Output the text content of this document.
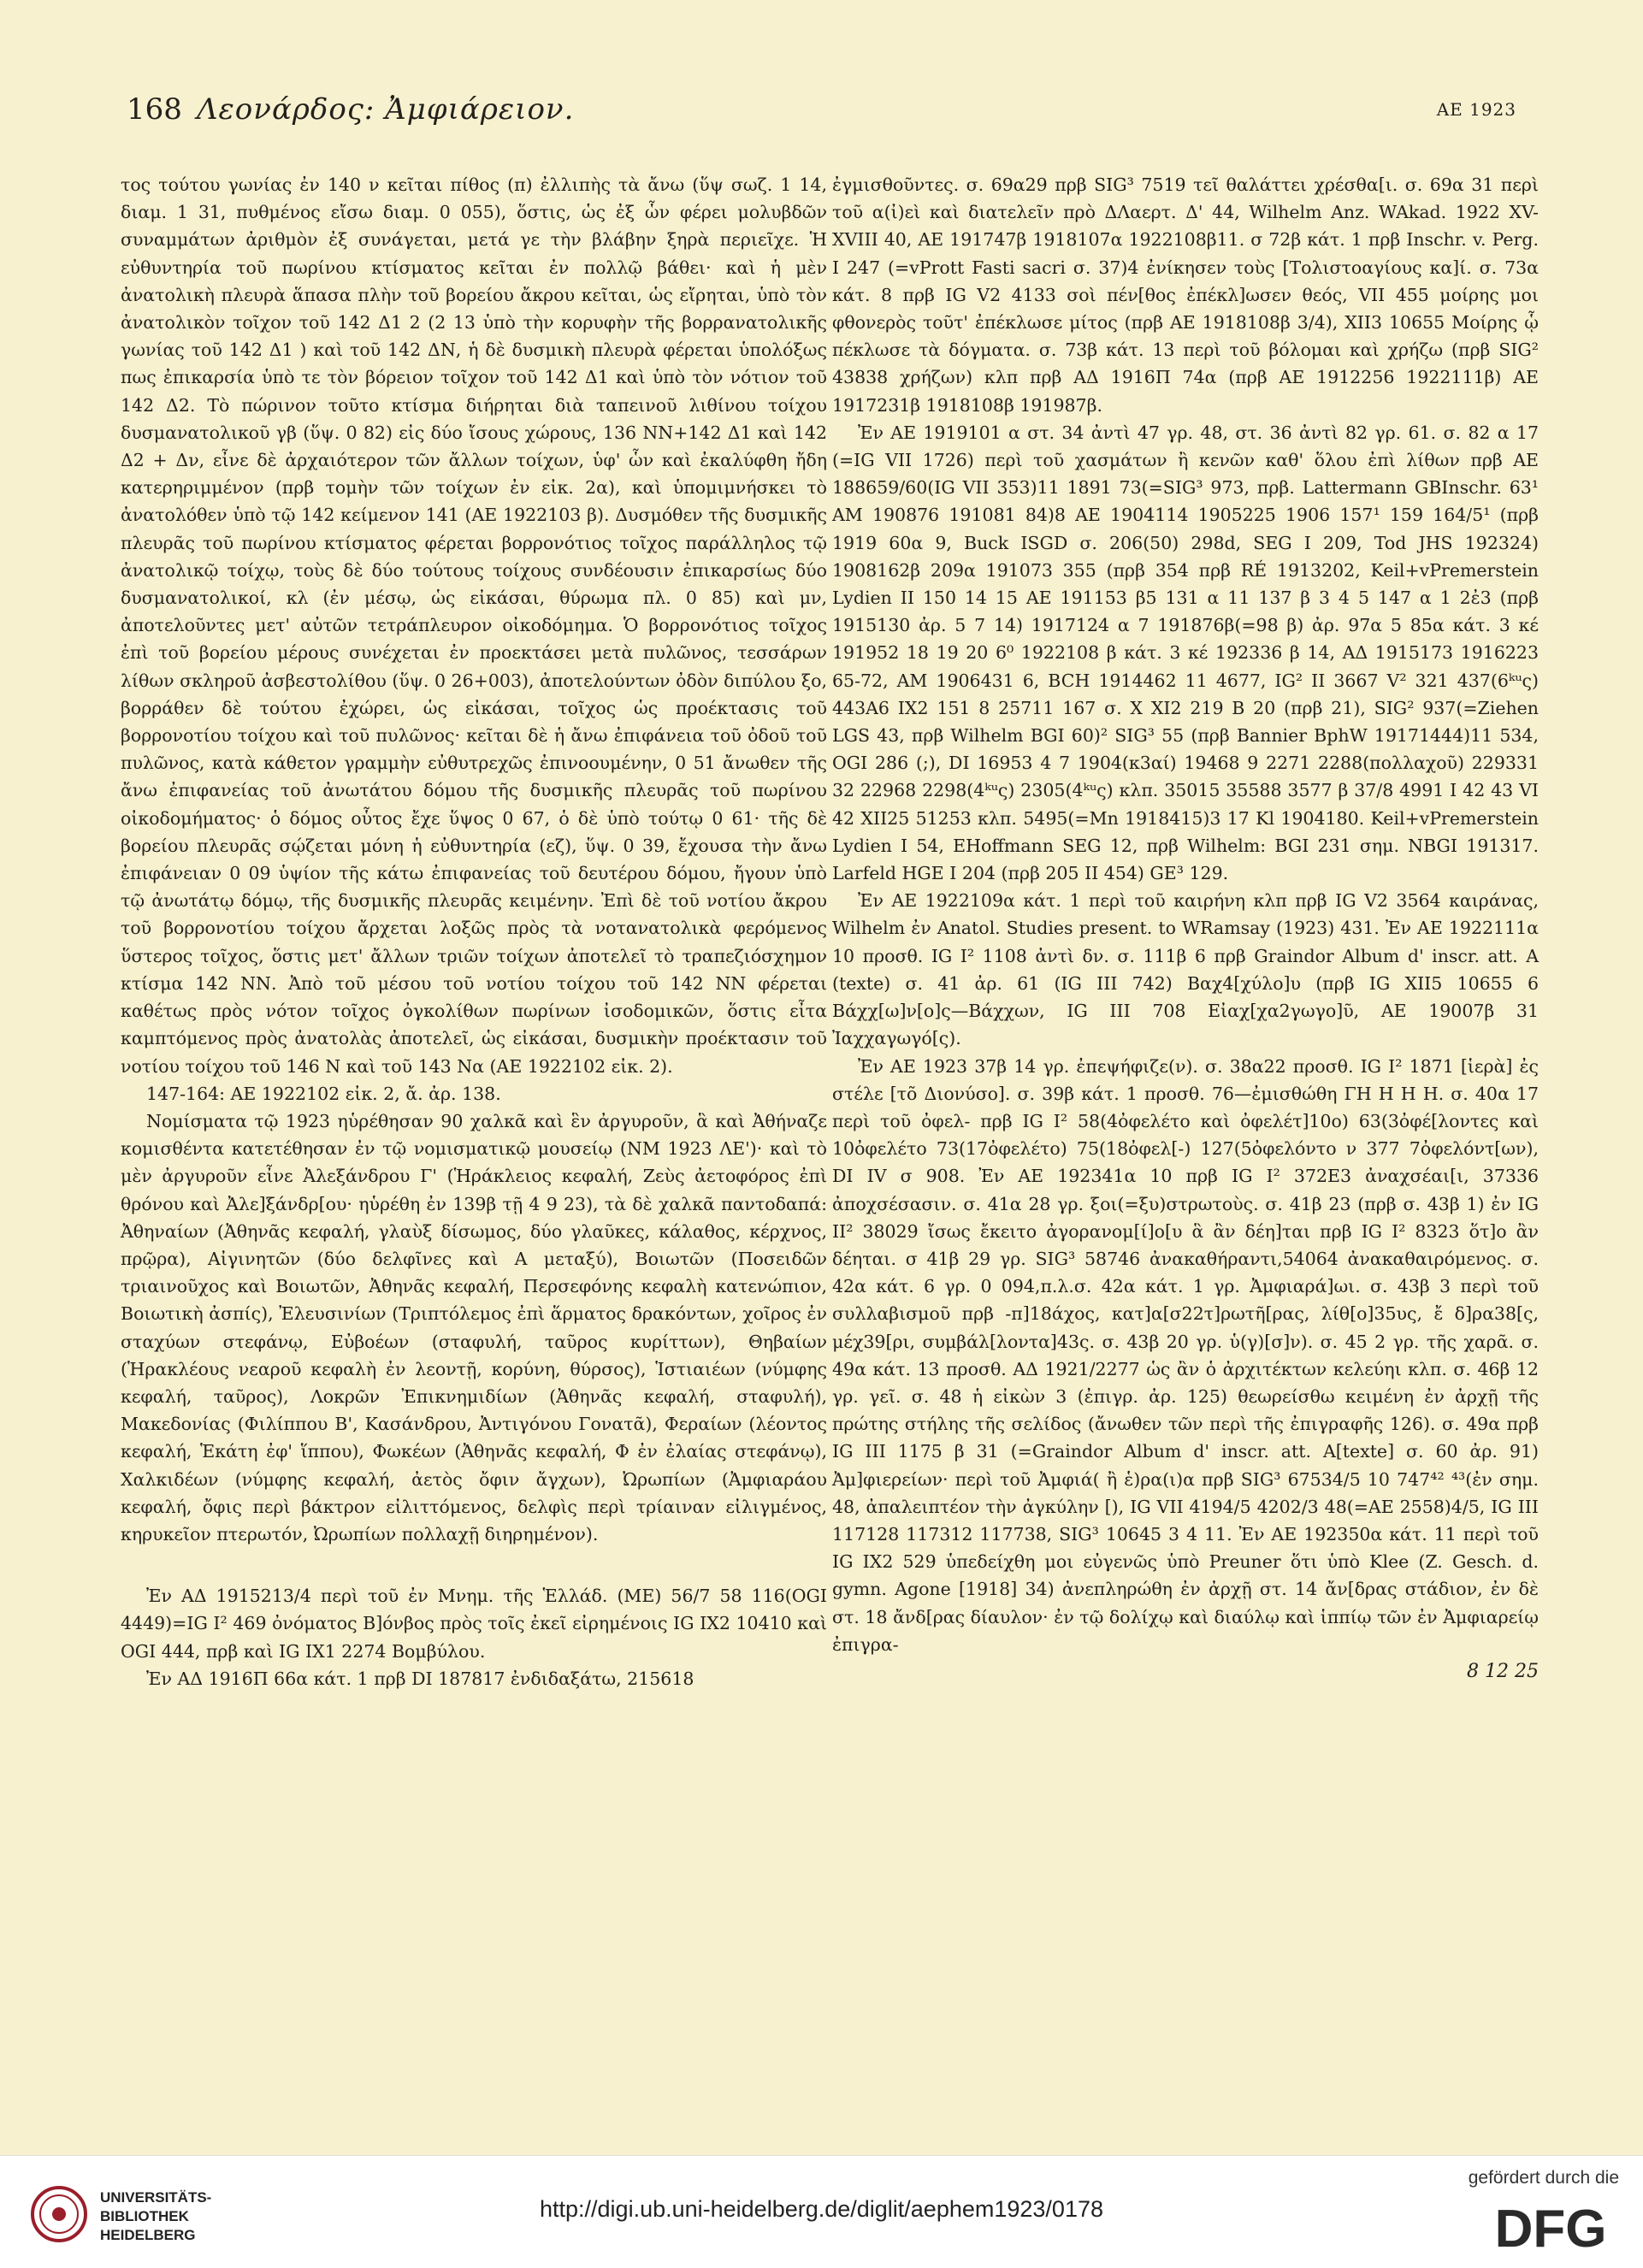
168 Λεονάρδος: Ἀμφιάρειον.	ΑΕ 1923

τος τούτου γωνίας ἐν 140 ν κεῖται πίθος (π) ἐλλιπὴς τὰ ἄνω (ὕψ σωζ. 1 14, διαμ. 1 31, πυθμένος εἴσω διαμ. 0 055), ὅστις, ὡς ἐξ ὧν φέρει μολυβδῶν συναμμάτων ἀριθμὸν ἐξ συνάγεται, μετά γε τὴν βλάβην ξηρὰ περιεῖχε. Ἡ εὐθυντηρία τοῦ πωρίνου κτίσματος κεῖται ἐν πολλῷ βάθει· καὶ ἡ μὲν ἀνατολικὴ πλευρὰ ἅπασα πλὴν τοῦ βορείου ἄκρου κεῖται, ὡς εἴρηται, ὑπὸ τὸν ἀνατολικὸν τοῖχον τοῦ 142 Δ1 2 (2 13 ὑπὸ τὴν κορυφὴν τῆς βορρανατολικῆς γωνίας τοῦ 142 Δ1 ) καὶ τοῦ 142 ΔΝ, ἡ δὲ δυσμικὴ πλευρὰ φέρεται ὑπολόξως πως ἐπικαρσία ὑπὸ τε τὸν βόρειον τοῖχον τοῦ 142 Δ1 καὶ ὑπὸ τὸν νότιον τοῦ 142 Δ2. Τὸ πώρινον τοῦτο κτίσμα διήρηται διὰ ταπεινοῦ λιθίνου τοίχου δυσμανατολικοῦ γβ (ὕψ. 0 82) εἰς δύο ἴσους χώρους, 136 ΝΝ+142 Δ1 καὶ 142 Δ2 + Δν, εἶνε δὲ ἀρχαιότερον τῶν ἄλλων τοίχων, ὑφ' ὧν καὶ ἐκαλύφθη ἤδη κατερηριμμένον (πρβ τομὴν τῶν τοίχων ἐν εἰκ. 2α), καὶ ὑπομιμνήσκει τὸ ἀνατολόθεν ὑπὸ τῷ 142 κείμενον 141 (ΑΕ 1922103 β). Δυσμόθεν τῆς δυσμικῆς πλευρᾶς τοῦ πωρίνου κτίσματος φέρεται βορρονότιος τοῖχος παράλληλος τῷ ἀνατολικῷ τοίχῳ, τοὺς δὲ δύο τούτους τοίχους συνδέουσιν ἐπικαρσίως δύο δυσμανατολικοί, κλ (ἐν μέσῳ, ὡς εἰκάσαι, θύρωμα πλ. 0 85) καὶ μν, ἀποτελοῦντες μετ' αὐτῶν τετράπλευρον οἰκοδόμημα. Ὁ βορρονότιος τοῖχος ἐπὶ τοῦ βορείου μέρους συνέχεται ἐν προεκτάσει μετὰ πυλῶνος, τεσσάρων λίθων σκληροῦ ἀσβεστολίθου (ὕψ. 0 26+003), ἀποτελούντων ὀδὸν διπύλου ξο, βορράθεν δὲ τούτου ἐχώρει, ὡς εἰκάσαι, τοῖχος ὡς προέκτασις τοῦ βορρονοτίου τοίχου καὶ τοῦ πυλῶνος· κεῖται δὲ ἡ ἄνω ἐπιφάνεια τοῦ ὀδοῦ τοῦ πυλῶνος, κατὰ κάθετον γραμμὴν εὐθυτρεχῶς ἐπινοουμένην, 0 51 ἄνωθεν τῆς ἄνω ἐπιφανείας τοῦ ἀνωτάτου δόμου τῆς δυσμικῆς πλευρᾶς τοῦ πωρίνου οἰκοδομήματος· ὁ δόμος οὗτος ἔχε ὕψος 0 67, ὁ δὲ ὑπὸ τούτῳ 0 61· τῆς δὲ βορείου πλευρᾶς σῴζεται μόνη ἡ εὐθυντηρία (εζ), ὕψ. 0 39, ἔχουσα τὴν ἄνω ἐπιφάνειαν 0 09 ὑψίον τῆς κάτω ἐπιφανείας τοῦ δευτέρου δόμου, ἤγουν ὑπὸ τῷ ἀνωτάτῳ δόμῳ, τῆς δυσμικῆς πλευρᾶς κειμένην. Ἐπὶ δὲ τοῦ νοτίου ἄκρου τοῦ βορρονοτίου τοίχου ἄρχεται λοξῶς πρὸς τὰ νοτανατολικὰ φερόμενος ὕστερος τοῖχος, ὅστις μετ' ἄλλων τριῶν τοίχων ἀποτελεῖ τὸ τραπεζιόσχημον κτίσμα 142 ΝΝ. Ἀπὸ τοῦ μέσου τοῦ νοτίου τοίχου τοῦ 142 ΝΝ φέρεται καθέτως πρὸς νότον τοῖχος ὀγκολίθων πωρίνων ἰσοδομικῶν, ὅστις εἶτα καμπτόμενος πρὸς ἀνατολὰς ἀποτελεῖ, ὡς εἰκάσαι, δυσμικὴν προέκτασιν τοῦ νοτίου τοίχου τοῦ 146 Ν καὶ τοῦ 143 Να (ΑΕ 1922102 εἰκ. 2).

147-164: ΑΕ 1922102 εἰκ. 2, ἄ. ἀρ. 138.

Νομίσματα τῷ 1923 ηὑρέθησαν 90 χαλκᾶ καὶ ἓν ἀργυροῦν, ἃ καὶ Ἀθήναζε κομισθέντα κατετέθησαν ἐν τῷ νομισματικῷ μουσείῳ (ΝΜ 1923 ΛΕ')· καὶ τὸ μὲν ἀργυροῦν εἶνε Ἀλεξάνδρου Γ' (Ἡράκλειος κεφαλή, Ζεὺς ἀετοφόρος ἐπὶ θρόνου καὶ Ἀλε]ξάνδρ[ου· ηὑρέθη ἐν 139β τῇ 4 9 23), τὰ δὲ χαλκᾶ παντοδαπά: Ἀθηναίων (Ἀθηνᾶς κεφαλή, γλαὺξ δίσωμος, δύο γλαῦκες, κάλαθος, κέρχνος, πρῷρα), Αἰγινητῶν (δύο δελφῖνες καὶ Α μεταξύ), Βοιωτῶν (Ποσειδῶν τριαινοῦχος καὶ Βοιωτῶν, Ἀθηνᾶς κεφαλή, Περσεφόνης κεφαλὴ κατενώπιον, Βοιωτικὴ ἀσπίς), Ἐλευσινίων (Τριπτόλεμος ἐπὶ ἅρματος δρακόντων, χοῖρος ἐν σταχύων στεφάνῳ, Εὐβοέων (σταφυλή, ταῦρος κυρίττων), Θηβαίων (Ἡρακλέους νεαροῦ κεφαλὴ ἐν λεοντῇ, κορύνη, θύρσος), Ἱστιαιέων (νύμφης κεφαλή, ταῦρος), Λοκρῶν Ἐπικνημιδίων (Ἀθηνᾶς κεφαλή, σταφυλή), Μακεδονίας (Φιλίππου Β', Κασάνδρου, Ἀντιγόνου Γονατᾶ), Φεραίων (λέοντος κεφαλή, Ἑκάτη ἐφ' ἵππου), Φωκέων (Ἀθηνᾶς κεφαλή, Φ ἐν ἐλαίας στεφάνῳ), Χαλκιδέων (νύμφης κεφαλή, ἀετὸς ὄφιν ἄγχων), Ὠρωπίων (Ἀμφιαράου κεφαλή, ὄφις περὶ βάκτρον εἰλιττόμενος, δελφὶς περὶ τρίαιναν εἰλιγμένος, κηρυκεῖον πτερωτόν, Ὠρωπίων πολλαχῇ διηρημένον).

Ἐν ΑΔ 1915213/4 περὶ τοῦ ἐν Μνημ. τῆς Ἑλλάδ. (ΜΕ) 56/7 58 116(OGI 4449)=IG I² 469 ὀνόματος Β]όνβος πρὸς τοῖς ἐκεῖ εἰρημένοις IG IX2 10410 καὶ OGI 444, πρβ καὶ IG IX1 2274 Βομβύλου.

Ἐν ΑΔ 1916Π 66α κάτ. 1 πρβ DI 187817 ἐνδιδαξάτω, 215618

ἐγμισθοῦντες. σ. 69α29 πρβ SIG³ 7519 τεῖ θαλάττει χρέσθα[ι. σ. 69α 31 περὶ τοῦ α(ἰ)εὶ καὶ διατελεῖν πρὸ ΔΛαερτ. Δ' 44, Wilhelm Anz. WAkad. 1922 XV-XVIII 40, ΑΕ 191747β 1918107α 1922108β11. σ 72β κάτ. 1 πρβ Inschr. v. Perg. I 247 (=vPrott Fasti sacri σ. 37)4 ἐνίκησεν τοὺς [Τολιστοαγίους κα]ί. σ. 73α κάτ. 8 πρβ IG V2 4133 σοὶ πέν[θος ἐπέκλ]ωσεν θεός, VII 455 μοίρης μοι φθονερὸς τοῦτ' ἐπέκλωσε μίτος (πρβ ΑΕ 1918108β 3/4), XII3 10655 Μοίρης ᾧ πέκλωσε τὰ δόγματα. σ. 73β κάτ. 13 περὶ τοῦ βόλομαι καὶ χρήζω (πρβ SIG² 43838 χρήζων) κλπ πρβ ΑΔ 1916Π 74α (πρβ ΑΕ 1912256 1922111β) ΑΕ 1917231β 1918108β 191987β.

Ἐν ΑΕ 1919101 α στ. 34 ἀντὶ 47 γρ. 48, στ. 36 ἀντὶ 82 γρ. 61. σ. 82 α 17 (=IG VII 1726) περὶ τοῦ χασμάτων ἢ κενῶν καθ' ὅλου ἐπὶ λίθων πρβ ΑΕ 188659/60(IG VII 353)11 1891 73(=SIG³ 973, πρβ. Lattermann GBInschr. 63¹ ΑΜ 190876 191081 84)8 ΑΕ 1904114 1905225 1906 157¹ 159 164/5¹ (πρβ 1919 60α 9, Buck ISGD σ. 206(50) 298d, SEG I 209, Tod JHS 192324) 1908162β 209α 191073 355 (πρβ 354 πρβ RÉ 1913202, Keil+vPremerstein Lydien II 150 14 15 ΑΕ 191153 β5 131 α 11 137 β 3 4 5 147 α 1 2ἐ3 (πρβ 1915130 ἀρ. 5 7 14) 1917124 α 7 191876β(=98 β) ἀρ. 97α 5 85α κάτ. 3 κέ 191952 18 19 20 6⁰ 1922108 β κάτ. 3 κέ 192336 β 14, ΑΔ 1915173 1916223 65-72, ΑΜ 1906431 6, BCH 1914462 11 4677, IG² II 3667 V² 321 437(6ᵏᵘς) 443Α6 IX2 151 8 25711 167 σ. Χ XI2 219 Β 20 (πρβ 21), SIG² 937(=Ziehen LGS 43, πρβ Wilhelm BGI 60)² SIG³ 55 (πρβ Bannier BphW 19171444)11 534, OGI 286 (;), DI 16953 4 7 1904(κ3αί) 19468 9 2271 2288(πολλαχοῦ) 229331 32 22968 2298(4ᵏᵘς) 2305(4ᵏᵘς) κλπ. 35015 35588 3577 β 37/8 4991 Ι 42 43 VI 42 XII25 51253 κλπ. 5495(=Mn 1918415)3 17 Kl 1904180. Keil+vPremerstein Lydien I 54, EHoffmann SEG 12, πρβ Wilhelm: BGI 231 σημ. NBGI 191317. Larfeld HGE I 204 (πρβ 205 II 454) GE³ 129.

Ἐν ΑΕ 1922109α κάτ. 1 περὶ τοῦ καιρήνη κλπ πρβ IG V2 3564 καιράνας, Wilhelm ἐν Anatol. Studies present. to WRamsay (1923) 431. Ἐν ΑΕ 1922111α 10 προσθ. IG I² 1108 ἀντὶ δν. σ. 111β 6 πρβ Graindor Album d' inscr. att. A (texte) σ. 41 ἀρ. 61 (IG III 742) Βαχ4[χύλο]υ (πρβ IG XII5 10655 6 Βάχχ[ω]ν[ο]ς—Βάχχων, IG III 708 Εἰαχ[χα2γωγο]ῦ, ΑΕ 19007β 31 Ἰαχχαγωγό[ς).

Ἐν ΑΕ 1923 37β 14 γρ. ἐπεψήφιζε(ν). σ. 38α22 προσθ. IG I² 1871 [ἱερὰ] ἐς στέλε [τõ Διονύσο]. σ. 39β κάτ. 1 προσθ. 76—ἐμισθώθη ΓΗ Η Η Η. σ. 40α 17 περὶ τοῦ ὀφελ- πρβ IG I² 58(4ὀφελέτο καὶ ὀφελέτ]10ο) 63(3ὀφέ[λοντες καὶ 10ὀφελέτο 73(17ὀφελέτο) 75(18ὀφελ[-) 127(5ὀφελόντο ν 377 7ὀφελόντ[ων), DI IV σ 908. Ἐν ΑΕ 192341α 10 πρβ IG I² 372Ε3 ἀναχσέαι[ι, 37336 ἀποχσέσασιν. σ. 41α 28 γρ. ξοι(=ξυ)στρωτοὺς. σ. 41β 23 (πρβ σ. 43β 1) ἐν IG II² 38029 ἴσως ἔκειτο ἀγορανομ[ί]ο[υ ἃ ἂν δέη]ται πρβ IG I² 8323 ὅτ]ο ἂν δέηται. σ 41β 29 γρ. SIG³ 58746 ἀνακαθήραντι,54064 ἀνακαθαιρόμενος. σ. 42α κάτ. 6 γρ. 0 094,π.λ.σ. 42α κάτ. 1 γρ. Ἀμφιαρά]ωι. σ. 43β 3 περὶ τοῦ συλλαβισμοῦ πρβ -π]18άχος, κατ]α[σ22τ]ρωτῆ[ρας, λίθ[ο]35υς, ἔ δ]ρα38[ς, μέχ39[ρι, συμβάλ[λοντα]43ς. σ. 43β 20 γρ. ὑ(γ)[σ]ν). σ. 45 2 γρ. τῆς χαρᾶ. σ. 49α κάτ. 13 προσθ. ΑΔ 1921/2277 ὡς ἂν ὁ ἀρχιτέκτων κελεύηι κλπ. σ. 46β 12 γρ. γεῖ. σ. 48 ἡ εἰκὼν 3 (ἐπιγρ. ἀρ. 125) θεωρείσθω κειμένη ἐν ἀρχῇ τῆς πρώτης στήλης τῆς σελίδος (ἄνωθεν τῶν περὶ τῆς ἐπιγραφῆς 126). σ. 49α πρβ IG III 1175 β 31 (=Graindor Album d' inscr. att. A[texte] σ. 60 ἀρ. 91) Ἀμ]φιερείων· περὶ τοῦ Ἀμφιά( ἢ ἑ)ρα(ι)α πρβ SIG³ 67534/5 10 747⁴² ⁴³(ἐν σημ. 48, ἀπαλειπτέον τὴν ἀγκύλην [), IG VII 4194/5 4202/3 48(=ΑΕ 2558)4/5, IG III 117128 117312 117738, SIG³ 10645 3 4 11. Ἐν ΑΕ 192350α κάτ. 11 περὶ τοῦ IG IX2 529 ὑπεδείχθη μοι εὐγενῶς ὑπὸ Preuner ὅτι ὑπὸ Klee (Z. Gesch. d. gymn. Agone [1918] 34) ἀνεπληρώθη ἐν ἀρχῇ στ. 14 ἄν[δρας στάδιον, ἐν δὲ στ. 18 ἄνδ[ρας δίαυλον· ἐν τῷ δολίχῳ καὶ διαύλῳ καὶ ἱππίῳ τῶν ἐν Ἀμφιαρείῳ ἐπιγρα-

8 12 25

UNIVERSITÄTS-
BIBLIOTHEK
HEIDELBERG
http://digi.ub.uni-heidelberg.de/diglit/aephem1923/0178
gefördert durch die
DFG
